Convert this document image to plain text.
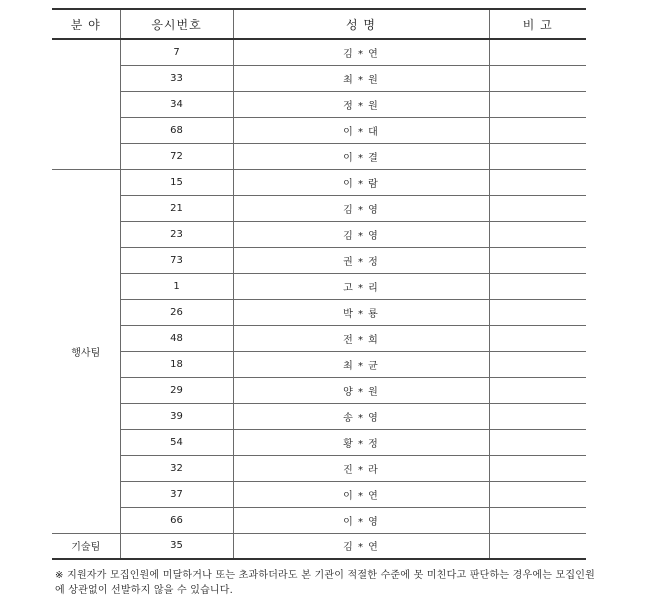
분 야	응시번호	성 명	비 고
	7	김 * 연	
	33	최 * 원	
	34	정 * 원	
	68	이 * 대	
	72	이 * 결	
행사팀	15	이 * 람	
	21	김 * 영	
	23	김 * 영	
	73	권 * 정	
	1	고 * 리	
	26	박 * 룡	
	48	전 * 희	
	18	최 * 균	
	29	양 * 원	
	39	송 * 영	
	54	황 * 정	
	32	진 * 라	
	37	이 * 연	
	66	이 * 영	
기술팀	35	김 * 연	
※ 지원자가 모집인원에 미달하거나 또는 초과하더라도 본 기관이 적절한 수준에 못 미친다고 판단하는 경우에는 모집인원에 상관없이 선발하지 않을 수 있습니다.
